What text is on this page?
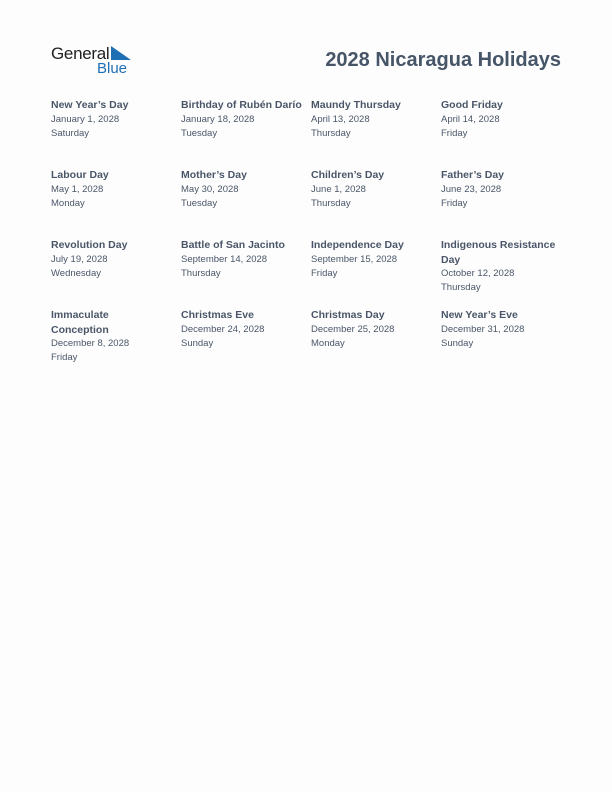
General
Blue	2028 Nicaragua Holidays
New Year’s Day
January 1, 2028
Saturday
Birthday of Rubén Darío
January 18, 2028
Tuesday
Maundy Thursday
April 13, 2028
Thursday
Good Friday
April 14, 2028
Friday
Labour Day
May 1, 2028
Monday
Mother’s Day
May 30, 2028
Tuesday
Children’s Day
June 1, 2028
Thursday
Father’s Day
June 23, 2028
Friday
Revolution Day
July 19, 2028
Wednesday
Battle of San Jacinto
September 14, 2028
Thursday
Independence Day
September 15, 2028
Friday
Indigenous Resistance Day
October 12, 2028
Thursday
Immaculate Conception
December 8, 2028
Friday
Christmas Eve
December 24, 2028
Sunday
Christmas Day
December 25, 2028
Monday
New Year’s Eve
December 31, 2028
Sunday
